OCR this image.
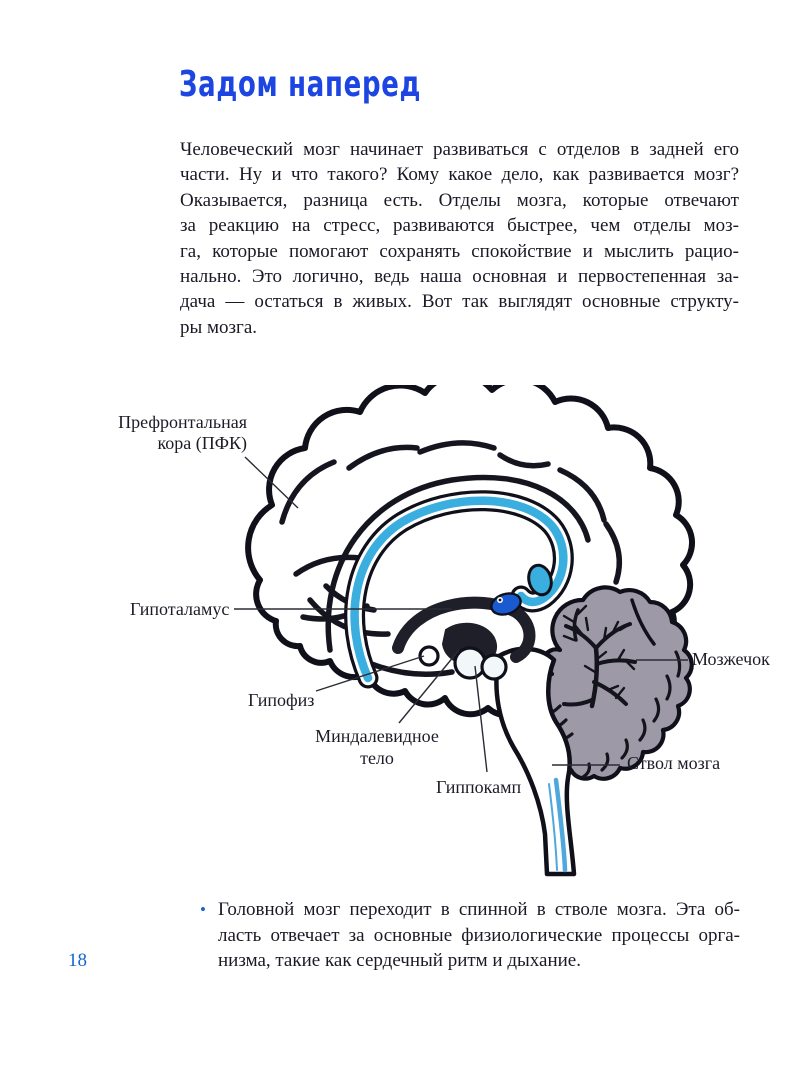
Задом наперед
Человеческий мозг начинает развиваться с отделов в задней его
части. Ну и что такого? Кому какое дело, как развивается мозг?
Оказывается, разница есть. Отделы мозга, которые отвечают
за реакцию на стресс, развиваются быстрее, чем отделы моз-
га, которые помогают сохранять спокойствие и мыслить рацио-
нально. Это логично, ведь наша основная и первостепенная за-
дача — остаться в живых. Вот так выглядят основные структу-
ры мозга.
Префронтальная
кора (ПФК)
Гипоталамус
Гипофиз
Миндалевидное
тело
Гиппокамп
Мозжечок
Ствол мозга
• Головной мозг переходит в спинной в стволе мозга. Эта об-
ласть отвечает за основные физиологические процессы орга-
низма, такие как сердечный ритм и дыхание.
18
